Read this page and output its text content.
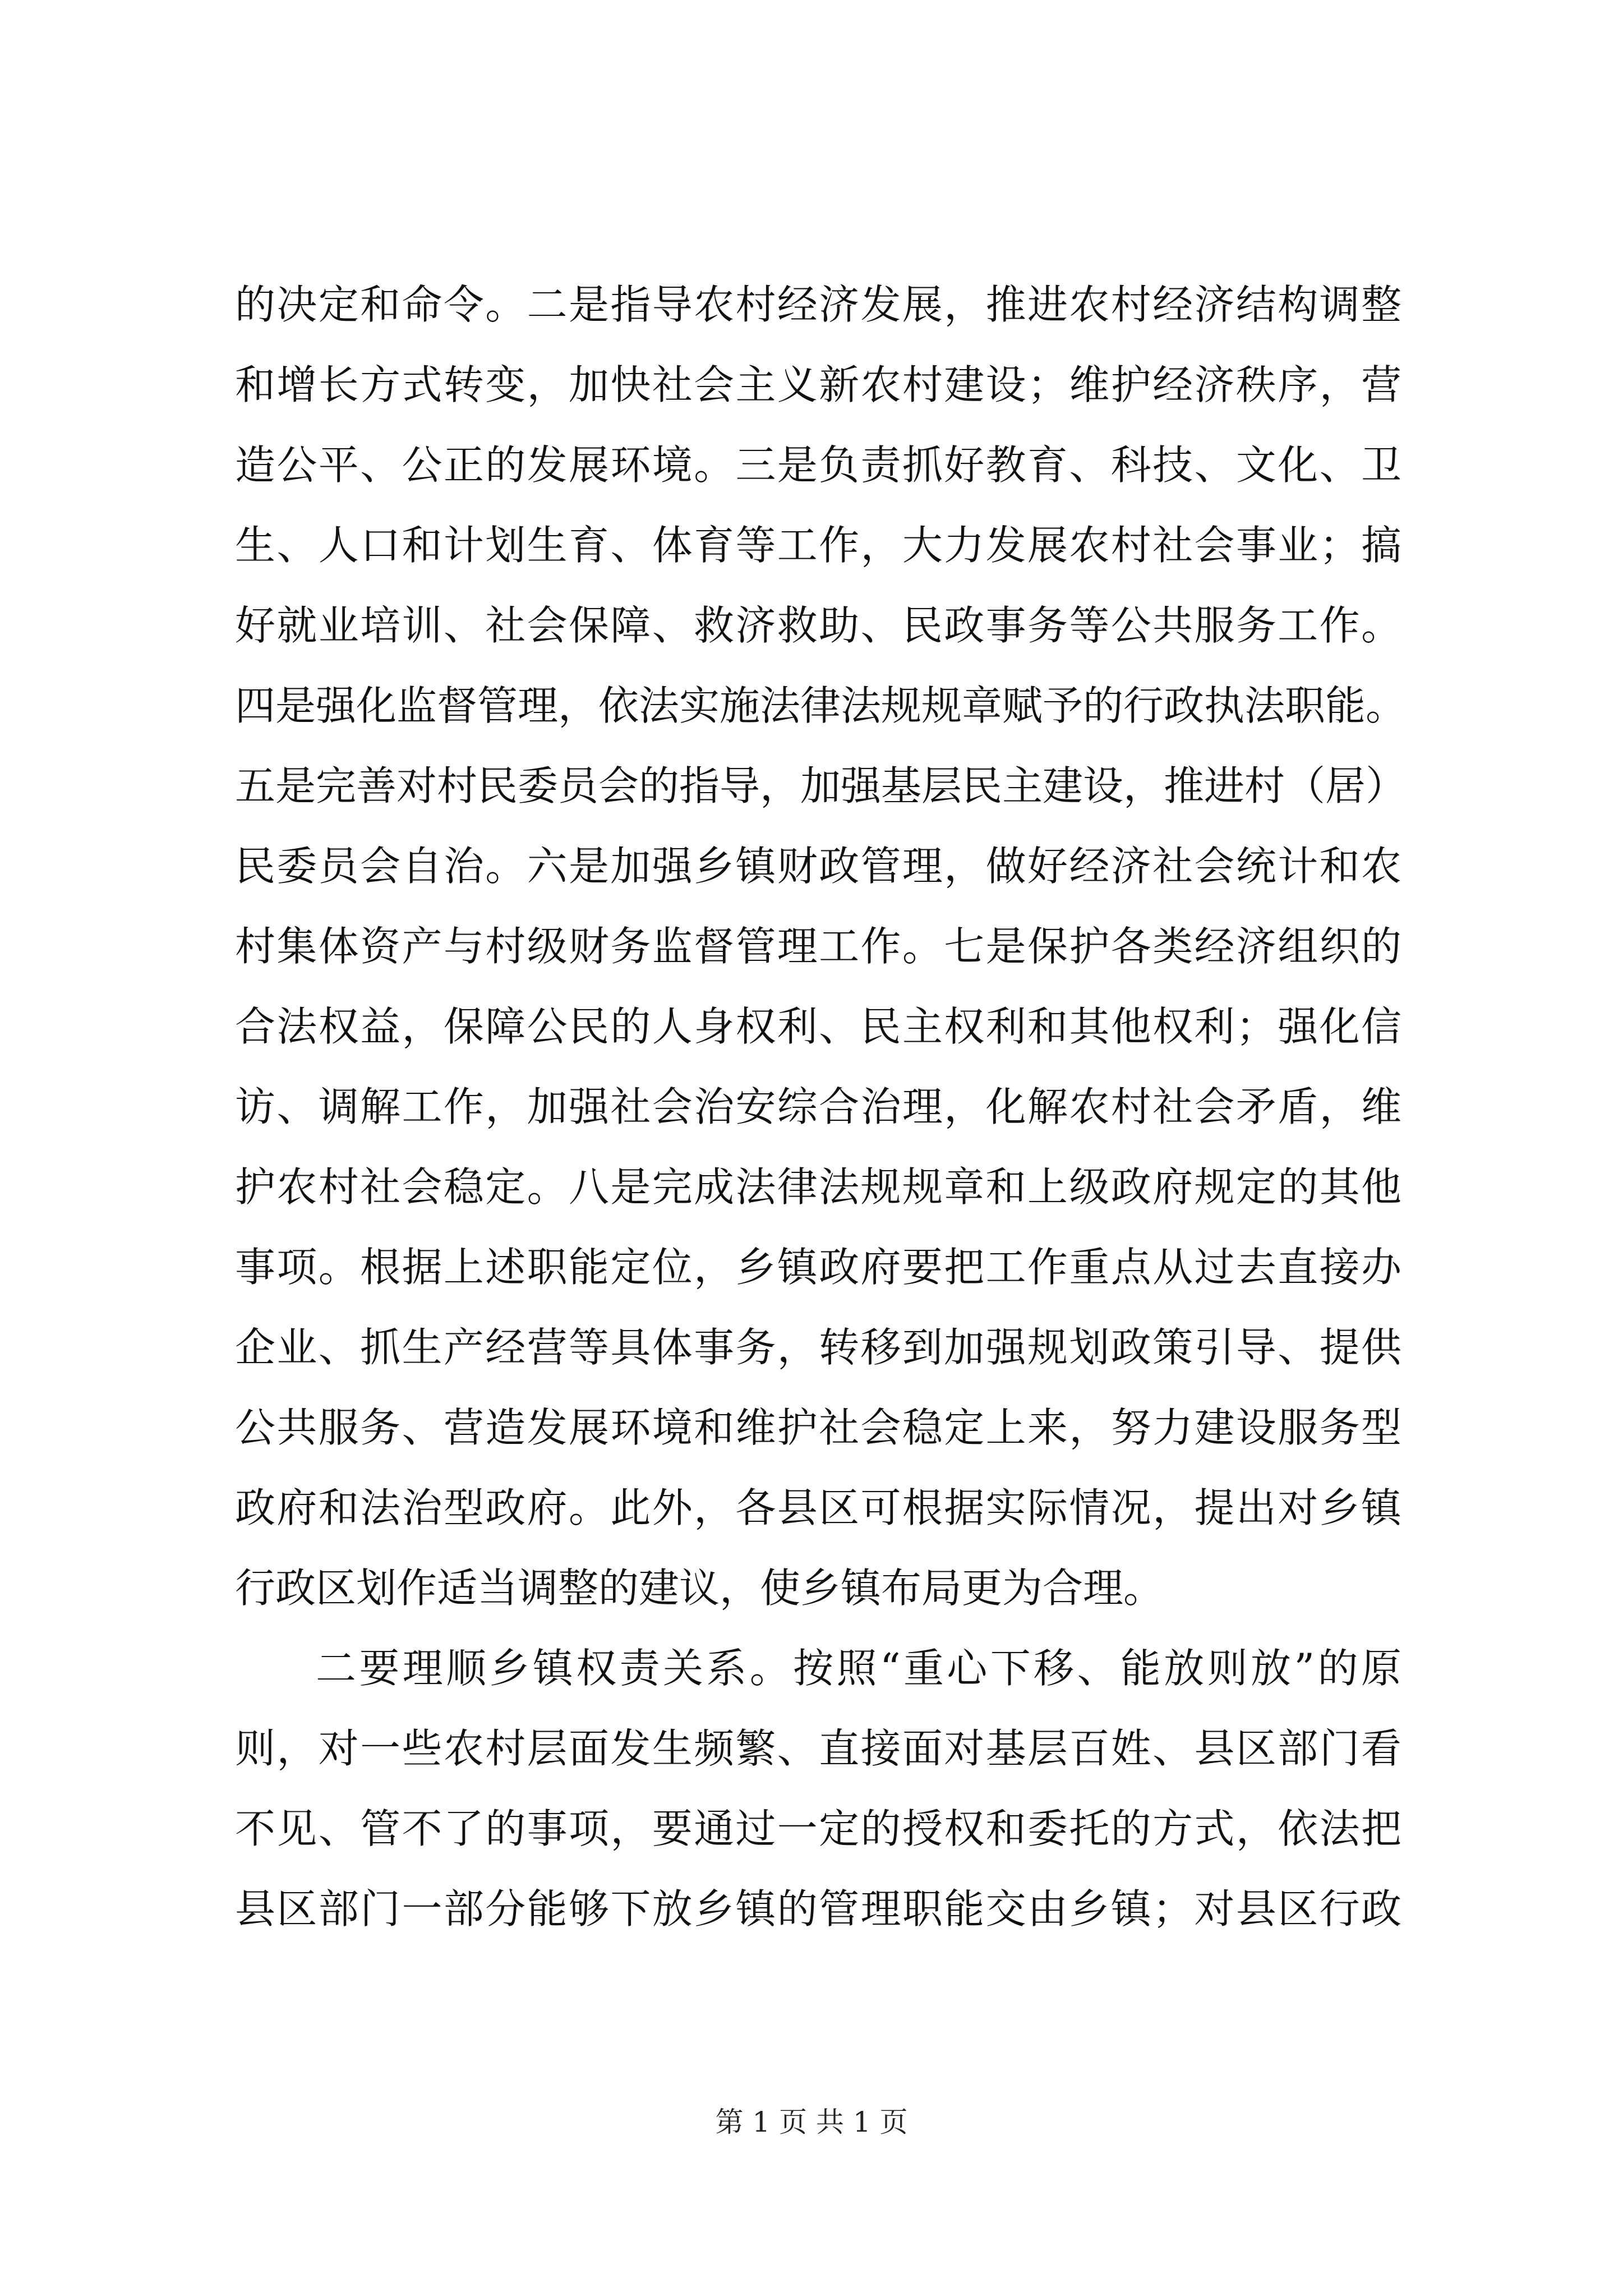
的决定和命令。二是指导农村经济发展，推进农村经济结构调整
和增长方式转变，加快社会主义新农村建设；维护经济秩序，营
造公平、公正的发展环境。三是负责抓好教育、科技、文化、卫
生、人口和计划生育、体育等工作，大力发展农村社会事业；搞
好就业培训、社会保障、救济救助、民政事务等公共服务工作。
四是强化监督管理，依法实施法律法规规章赋予的行政执法职能。
五是完善对村民委员会的指导，加强基层民主建设，推进村（居）
民委员会自治。六是加强乡镇财政管理，做好经济社会统计和农
村集体资产与村级财务监督管理工作。七是保护各类经济组织的
合法权益，保障公民的人身权利、民主权利和其他权利；强化信
访、调解工作，加强社会治安综合治理，化解农村社会矛盾，维
护农村社会稳定。八是完成法律法规规章和上级政府规定的其他
事项。根据上述职能定位，乡镇政府要把工作重点从过去直接办
企业、抓生产经营等具体事务，转移到加强规划政策引导、提供
公共服务、营造发展环境和维护社会稳定上来，努力建设服务型
政府和法治型政府。此外，各县区可根据实际情况，提出对乡镇
行政区划作适当调整的建议，使乡镇布局更为合理。
二要理顺乡镇权责关系。按照“重心下移、能放则放”的原
则，对一些农村层面发生频繁、直接面对基层百姓、县区部门看
不见、管不了的事项，要通过一定的授权和委托的方式，依法把
县区部门一部分能够下放乡镇的管理职能交由乡镇；对县区行政
第 1 页 共 1 页
